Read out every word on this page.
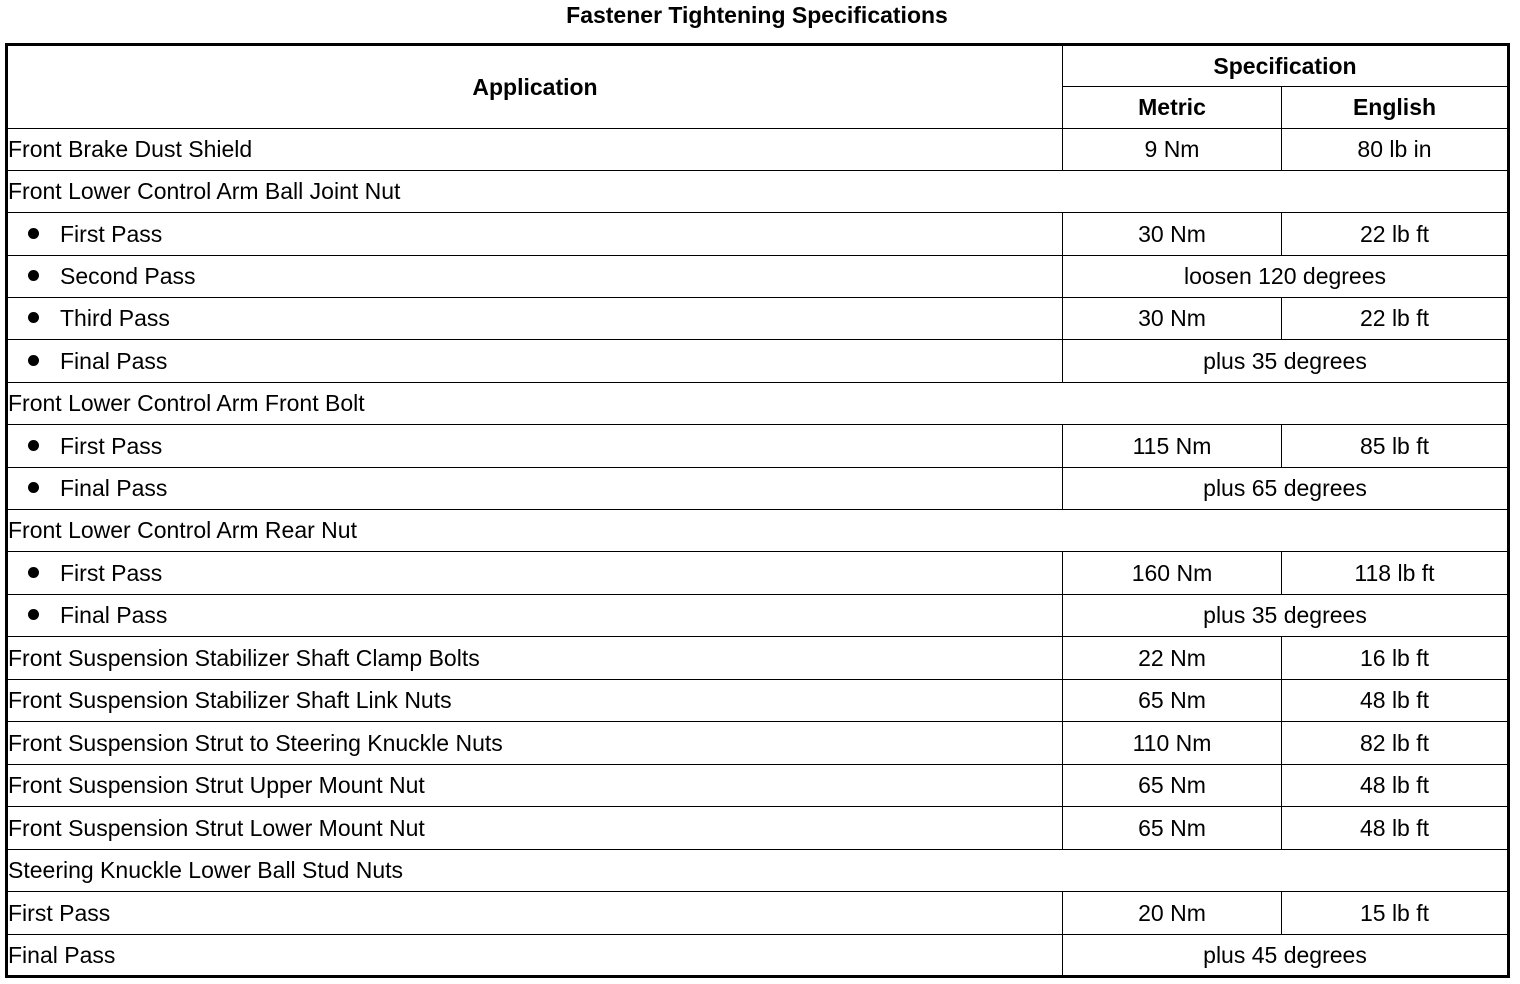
Fastener Tightening Specifications
Application	Specification	
	Metric	English
Front Brake Dust Shield	9 Nm	80 lb in
Front Lower Control Arm Ball Joint Nut		
First Pass	30 Nm	22 lb ft
Second Pass	loosen 120 degrees	
Third Pass	30 Nm	22 lb ft
Final Pass	plus 35 degrees	
Front Lower Control Arm Front Bolt		
First Pass	115 Nm	85 lb ft
Final Pass	plus 65 degrees	
Front Lower Control Arm Rear Nut		
First Pass	160 Nm	118 lb ft
Final Pass	plus 35 degrees	
Front Suspension Stabilizer Shaft Clamp Bolts	22 Nm	16 lb ft
Front Suspension Stabilizer Shaft Link Nuts	65 Nm	48 lb ft
Front Suspension Strut to Steering Knuckle Nuts	110 Nm	82 lb ft
Front Suspension Strut Upper Mount Nut	65 Nm	48 lb ft
Front Suspension Strut Lower Mount Nut	65 Nm	48 lb ft
Steering Knuckle Lower Ball Stud Nuts		
First Pass	20 Nm	15 lb ft
Final Pass	plus 45 degrees	
